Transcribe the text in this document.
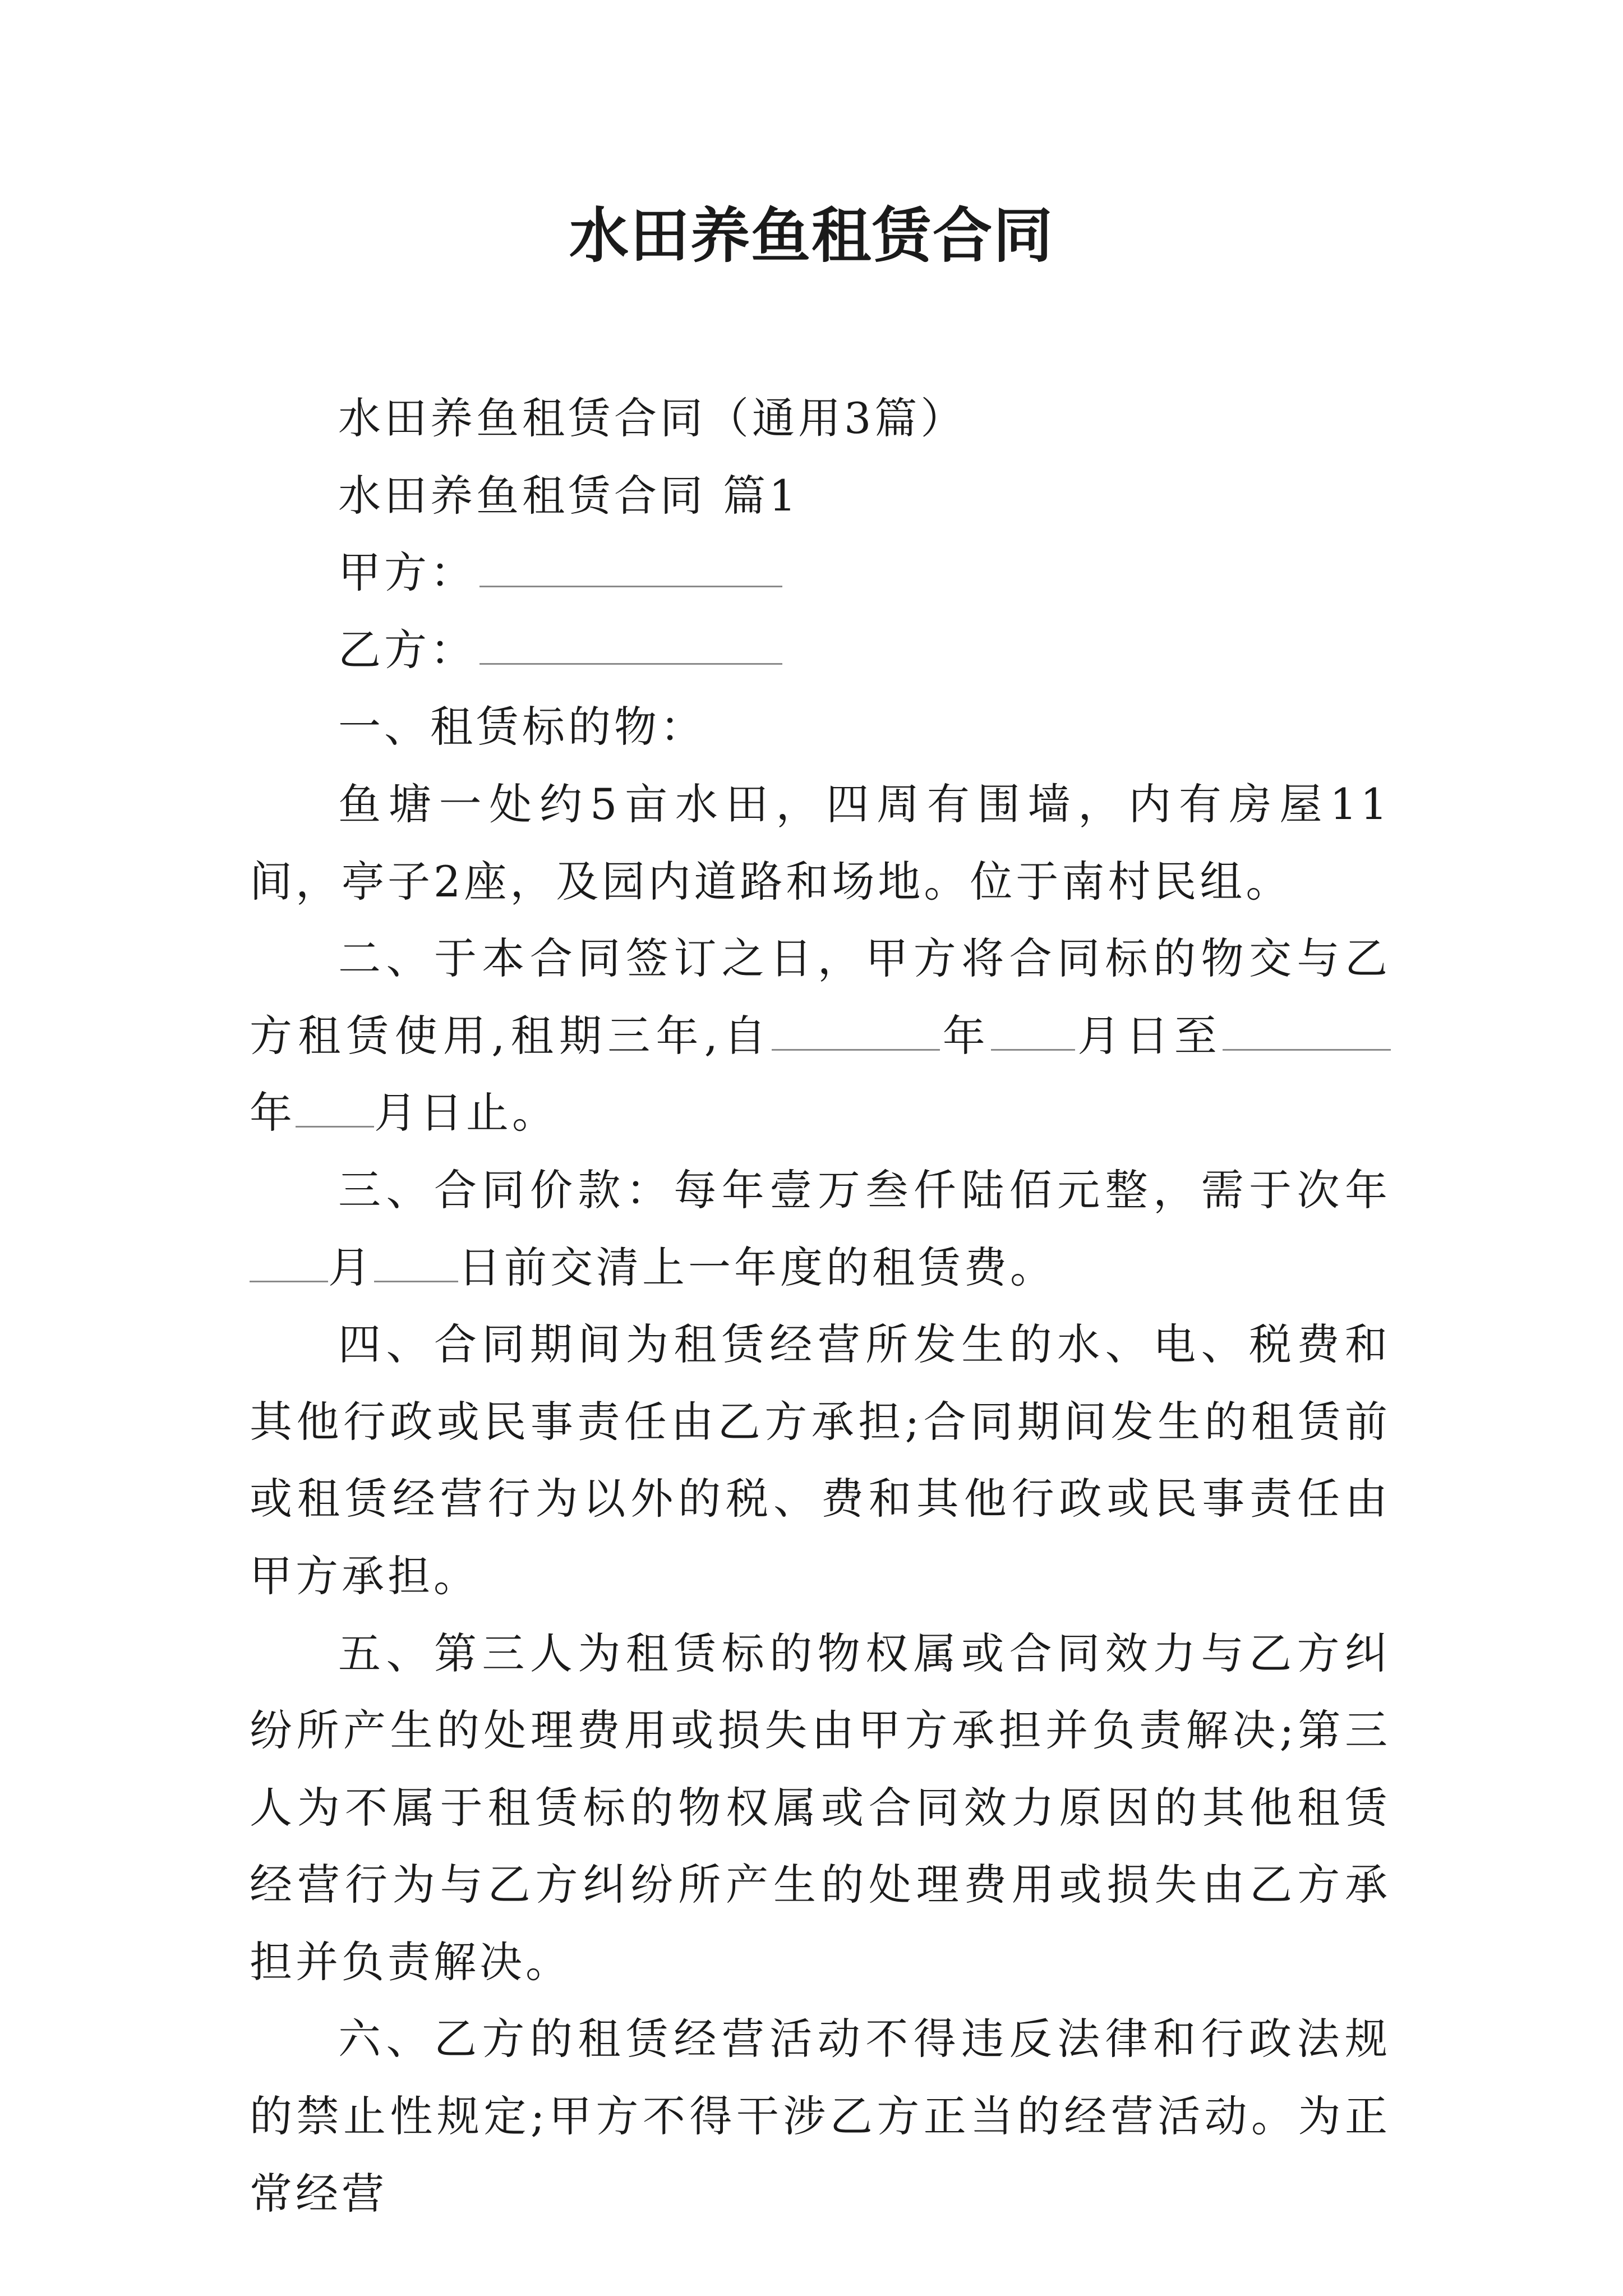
水田养鱼租赁合同

水田养鱼租赁合同（通用3篇）

水田养鱼租赁合同 篇1

甲方：

乙方：

一、租赁标的物：

鱼塘一处约5亩水田，四周有围墙，内有房屋11间，亭子2座，及园内道路和场地。位于南村民组。

二、于本合同签订之日，甲方将合同标的物交与乙方租赁使用,租期三年,自	年 月日至年 月日止。

三、合同价款：每年壹万叁仟陆佰元整，需于次年月 日前交清上一年度的租赁费。

四、合同期间为租赁经营所发生的水、电、税费和其他行政或民事责任由乙方承担;合同期间发生的租赁前或租赁经营行为以外的税、费和其他行政或民事责任由甲方承担。

五、第三人为租赁标的物权属或合同效力与乙方纠纷所产生的处理费用或损失由甲方承担并负责解决;第三人为不属于租赁标的物权属或合同效力原因的其他租赁经营行为与乙方纠纷所产生的处理费用或损失由乙方承担并负责解决。

六、乙方的租赁经营活动不得违反法律和行政法规的禁止性规定;甲方不得干涉乙方正当的经营活动。为正常经营
